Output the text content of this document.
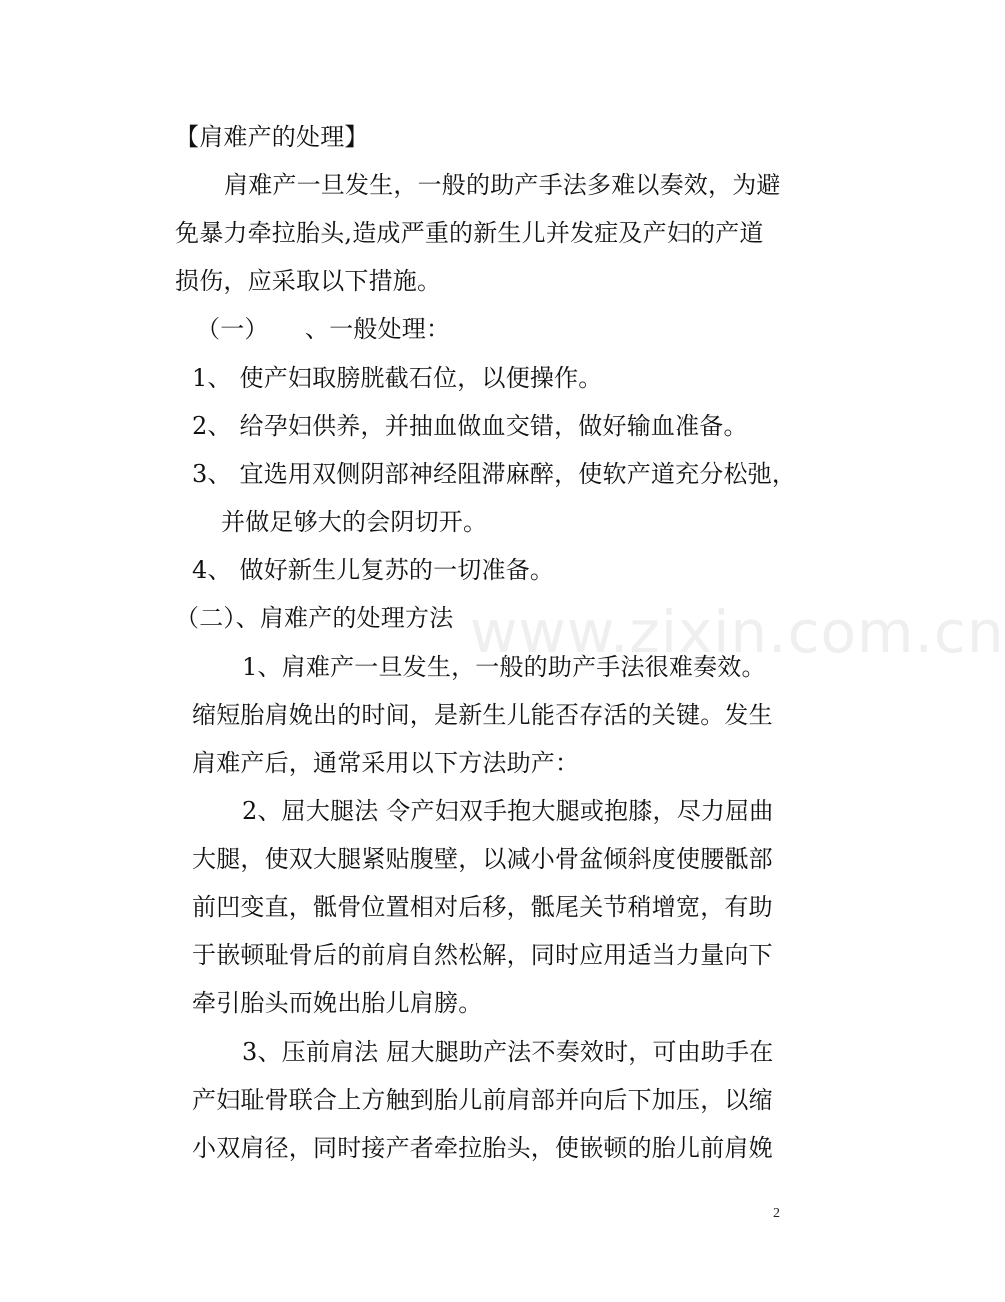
www.zixin.com.cn
【肩难产的处理】
肩难产一旦发生，一般的助产手法多难以奏效，为避
免暴力牵拉胎头,造成严重的新生儿并发症及产妇的产道
损伤，应采取以下措施。
（一）　　、一般处理：
1、 使产妇取膀胱截石位，以便操作。
2、 给孕妇供养，并抽血做血交错，做好输血准备。
3、 宜选用双侧阴部神经阻滞麻醉，使软产道充分松弛，
并做足够大的会阴切开。
4、 做好新生儿复苏的一切准备。
（二）、肩难产的处理方法
1、肩难产一旦发生，一般的助产手法很难奏效。
缩短胎肩娩出的时间，是新生儿能否存活的关键。发生
肩难产后，通常采用以下方法助产：
2、屈大腿法 令产妇双手抱大腿或抱膝，尽力屈曲
大腿，使双大腿紧贴腹壁，以减小骨盆倾斜度使腰骶部
前凹变直，骶骨位置相对后移，骶尾关节稍增宽，有助
于嵌顿耻骨后的前肩自然松解，同时应用适当力量向下
牵引胎头而娩出胎儿肩膀。
3、压前肩法 屈大腿助产法不奏效时，可由助手在
产妇耻骨联合上方触到胎儿前肩部并向后下加压，以缩
小双肩径，同时接产者牵拉胎头，使嵌顿的胎儿前肩娩
2
